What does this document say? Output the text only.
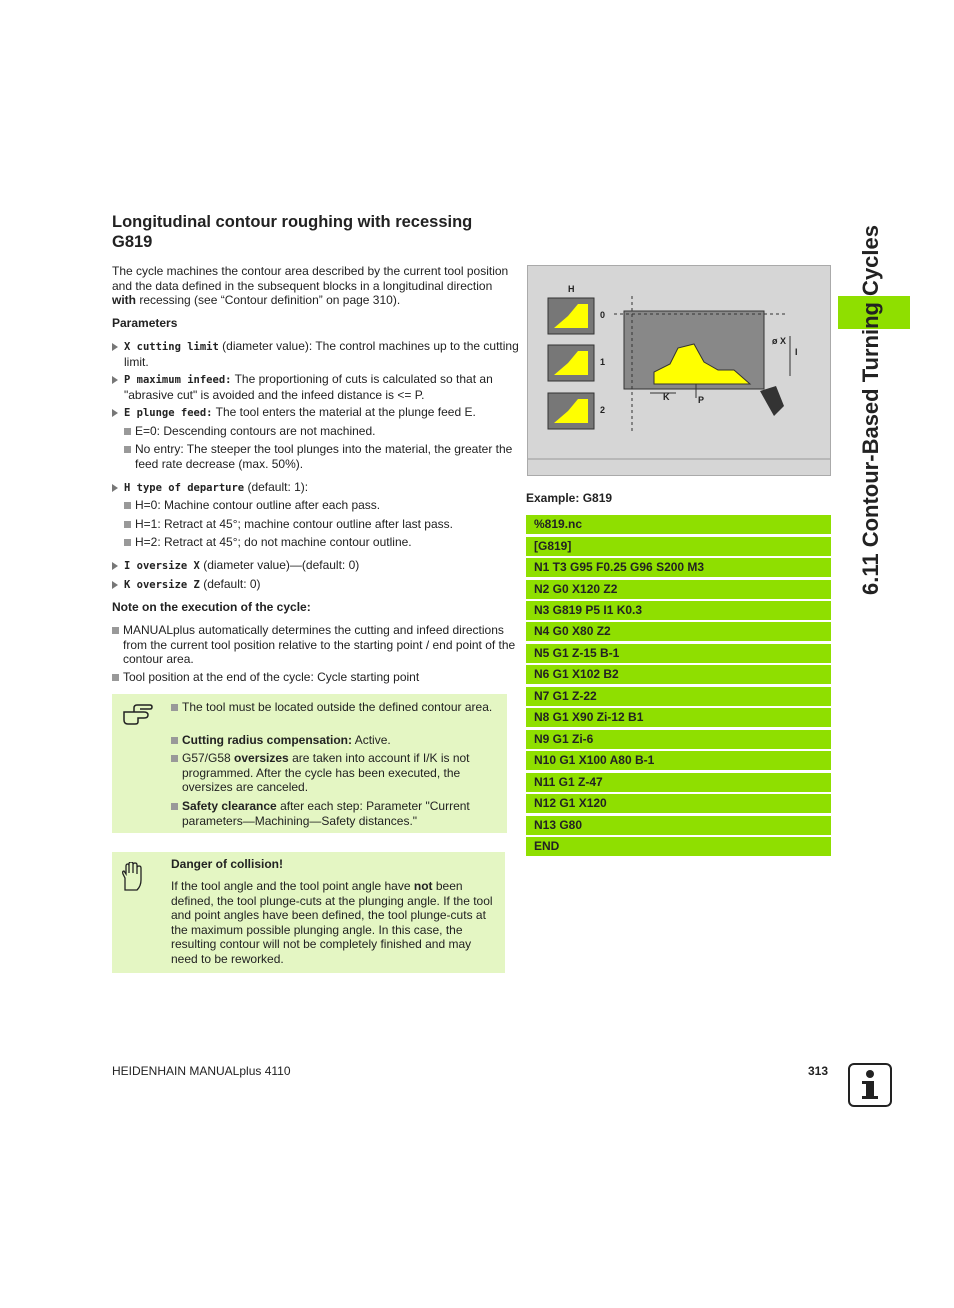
Longitudinal contour roughing with recessing G819
The cycle machines the contour area described by the current tool position and the data defined in the subsequent blocks in a longitudinal direction with recessing (see “Contour definition” on page 310).
Parameters
X cutting limit (diameter value): The control machines up to the cutting limit.
P maximum infeed: The proportioning of cuts is calculated so that an "abrasive cut" is avoided and the infeed distance is <= P.
E plunge feed: The tool enters the material at the plunge feed E.
E=0: Descending contours are not machined.
No entry: The steeper the tool plunges into the material, the greater the feed rate decrease (max. 50%).
H type of departure (default: 1):
H=0: Machine contour outline after each pass.
H=1: Retract at 45°; machine contour outline after last pass.
H=2: Retract at 45°; do not machine contour outline.
I oversize X (diameter value)—(default: 0)
K oversize Z (default: 0)
Note on the execution of the cycle:
MANUALplus automatically determines the cutting and infeed directions from the current tool position relative to the starting point / end point of the contour area.
Tool position at the end of the cycle: Cycle starting point
The tool must be located outside the defined contour area.
Cutting radius compensation: Active.
G57/G58 oversizes are taken into account if I/K is not programmed. After the cycle has been executed, the oversizes are canceled.
Safety clearance after each step: Parameter "Current parameters—Machining—Safety distances."
Danger of collision!
If the tool angle and the tool point angle have not been defined, the tool plunge-cuts at the plunging angle. If the tool and point angles have been defined, the tool plunge-cuts at the maximum possible plunging angle. In this case, the resulting contour will not be completely finished and may need to be reworked.
H
0
1
2
ø X
I
K	P
Example: G819
%819.nc
[G819]
N1 T3 G95 F0.25 G96 S200 M3
N2 G0 X120 Z2
N3 G819 P5 I1 K0.3
N4 G0 X80 Z2
N5 G1 Z-15 B-1
N6 G1 X102 B2
N7 G1 Z-22
N8 G1 X90 Zi-12 B1
N9 G1 Zi-6
N10 G1 X100 A80 B-1
N11 G1 Z-47
N12 G1 X120
N13 G80
END
6.11 Contour-Based Turning Cycles
HEIDENHAIN MANUALplus 4110	313
